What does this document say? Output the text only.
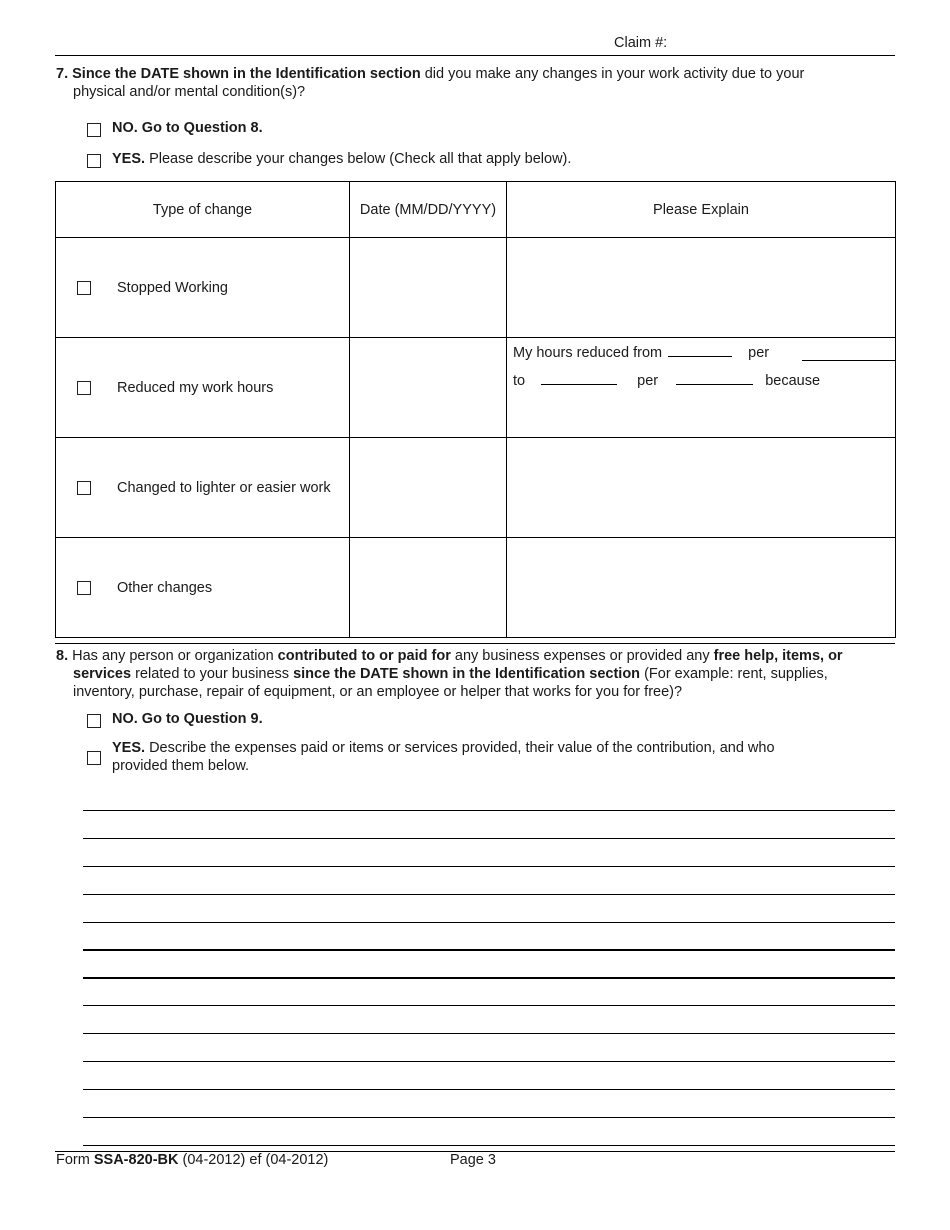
Claim #:
7. Since the DATE shown in the Identification section did you make any changes in your work activity due to your
physical and/or mental condition(s)?
NO. Go to Question 8.
YES. Please describe your changes below (Check all that apply below).
Type of change	Date (MM/DD/YYYY)	Please Explain

Stopped Working		

Reduced my work hours		My hours reduced from per
to per because

Changed to lighter or easier work		

Other changes		

8. Has any person or organization contributed to or paid for any business expenses or provided any free help, items, or
services related to your business since the DATE shown in the Identification section (For example: rent, supplies,
inventory, purchase, repair of equipment, or an employee or helper that works for you for free)?
NO. Go to Question 9.
YES. Describe the expenses paid or items or services provided, their value of the contribution, and who
provided them below.
Form SSA-820-BK (04-2012) ef (04-2012)	Page 3
